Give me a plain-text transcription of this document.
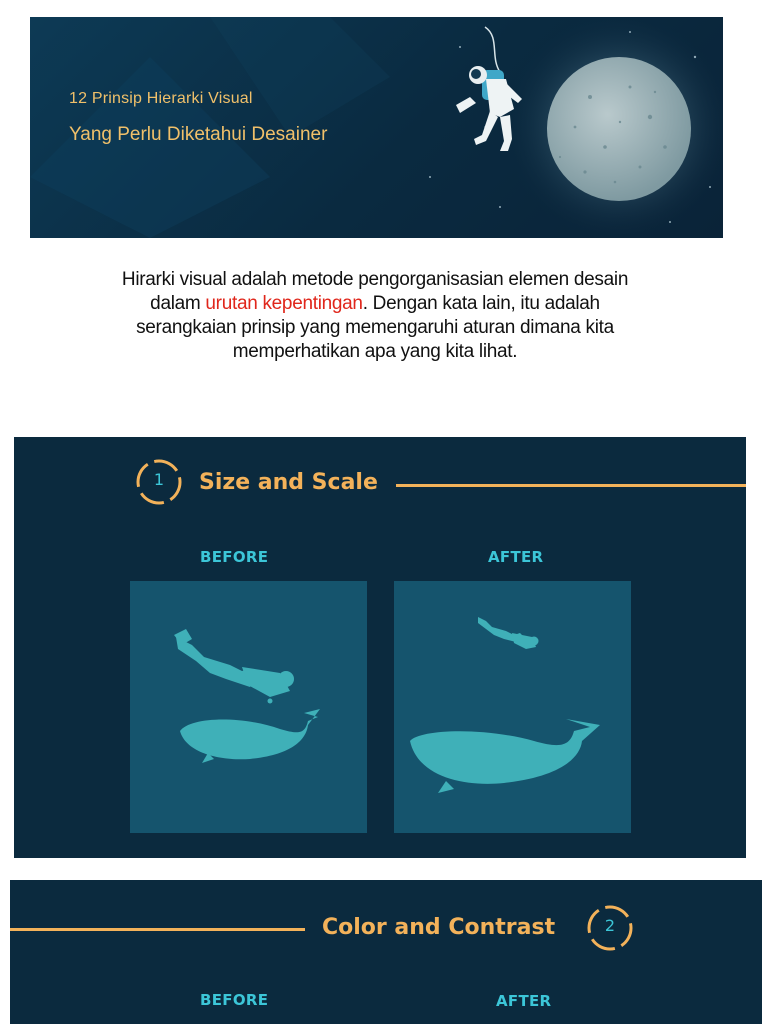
12 Prinsip Hierarki Visual
Yang Perlu Diketahui Desainer
Hirarki visual adalah metode pengorganisasian elemen desain dalam urutan kepentingan. Dengan kata lain, itu adalah serangkaian prinsip yang memengaruhi aturan dimana kita memperhatikan apa yang kita lihat.
1	Size and Scale
BEFORE	AFTER
Color and Contrast	2
BEFORE	AFTER
